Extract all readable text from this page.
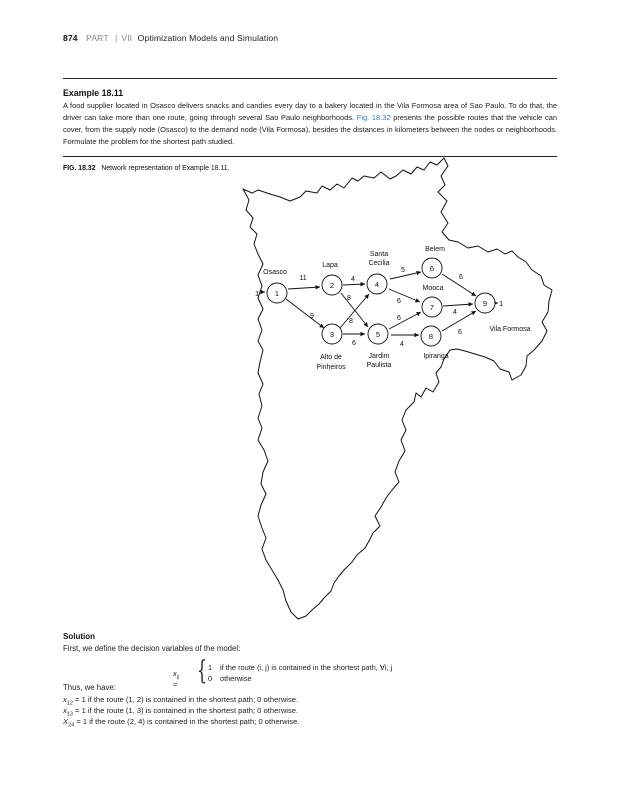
874 PART | VII Optimization Models and Simulation
Example 18.11
A food supplier located in Osasco delivers snacks and candies every day to a bakery located in the Vila Formosa area of Sao Paulo. To do that, the driver can take more than one route, going through several Sao Paulo neighborhoods. Fig. 18.32 presents the possible routes that the vehicle can cover, from the supply node (Osasco) to the demand node (Vila Formosa), besides the distances in kilometers between the nodes or neighborhoods. Formulate the problem for the shortest path studied.
FIG. 18.32 Network representation of Example 18.11.
1
2
3
4
5
6
7
8
9
11
9
4
8
8
6
5
6
6
4
6
4
6
1
1
Osasco
Lapa
Santa
Cecilia
Belem
Mooca
Vila Formosa
Alto de
Pinheiros
Jardim
Paulista
Ipiranga
Solution
First, we define the decision variables of the model:
$x_{ij}$ = { 1 if the route (i, j) is contained in the shortest path, ∀i, j
0 otherwise
Thus, we have:
$x_{12} = 1$ if the route (1, 2) is contained in the shortest path; 0 otherwise.
$x_{13} = 1$ if the route (1, 3) is contained in the shortest path; 0 otherwise.
$X_{24} = 1$ if the route (2, 4) is contained in the shortest path; 0 otherwise.
